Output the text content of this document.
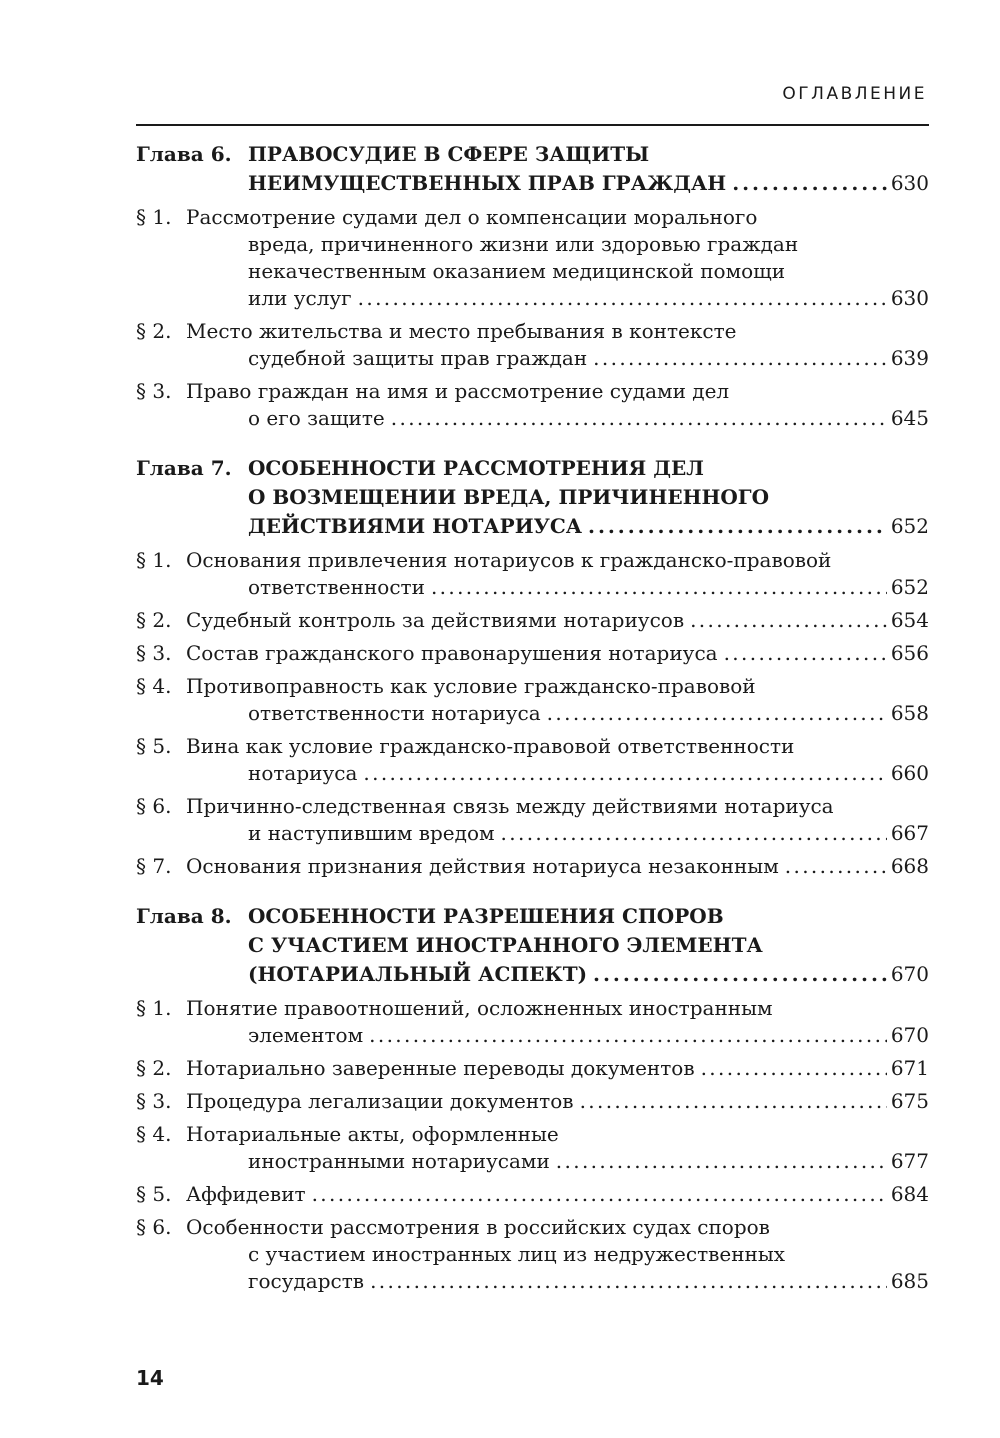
ОГЛАВЛЕНИЕ
Глава 6. ПРАВОСУДИЕ В СФЕРЕ ЗАЩИТЫ
НЕИМУЩЕСТВЕННЫХ ПРАВ ГРАЖДАН . . .	630
§ 1. Рассмотрение судами дел о компенсации морального
вреда, причиненного жизни или здоровью граждан
некачественным оказанием медицинской помощи
или услуг . . .	630
§ 2. Место жительства и место пребывания в контексте
судебной защиты прав граждан . . .	639
§ 3. Право граждан на имя и рассмотрение судами дел
о его защите . . .	645
Глава 7. ОСОБЕННОСТИ РАССМОТРЕНИЯ ДЕЛ
О ВОЗМЕЩЕНИИ ВРЕДА, ПРИЧИНЕННОГО
ДЕЙСТВИЯМИ НОТАРИУСА . . .	652
§ 1. Основания привлечения нотариусов к гражданско-правовой
ответственности . . .	652
§ 2. Судебный контроль за действиями нотариусов . . .	654
§ 3. Состав гражданского правонарушения нотариуса . . .	656
§ 4. Противоправность как условие гражданско-правовой
ответственности нотариуса . . .	658
§ 5. Вина как условие гражданско-правовой ответственности
нотариуса . . .	660
§ 6. Причинно-следственная связь между действиями нотариуса
и наступившим вредом . . .	667
§ 7. Основания признания действия нотариуса незаконным . . .	668
Глава 8. ОСОБЕННОСТИ РАЗРЕШЕНИЯ СПОРОВ
С УЧАСТИЕМ ИНОСТРАННОГО ЭЛЕМЕНТА
(НОТАРИАЛЬНЫЙ АСПЕКТ) . . .	670
§ 1. Понятие правоотношений, осложненных иностранным
элементом . . .	670
§ 2. Нотариально заверенные переводы документов . . .	671
§ 3. Процедура легализации документов . . .	675
§ 4. Нотариальные акты, оформленные
иностранными нотариусами . . .	677
§ 5. Аффидевит . . .	684
§ 6. Особенности рассмотрения в российских судах споров
с участием иностранных лиц из недружественных
государств . . .	685
14
